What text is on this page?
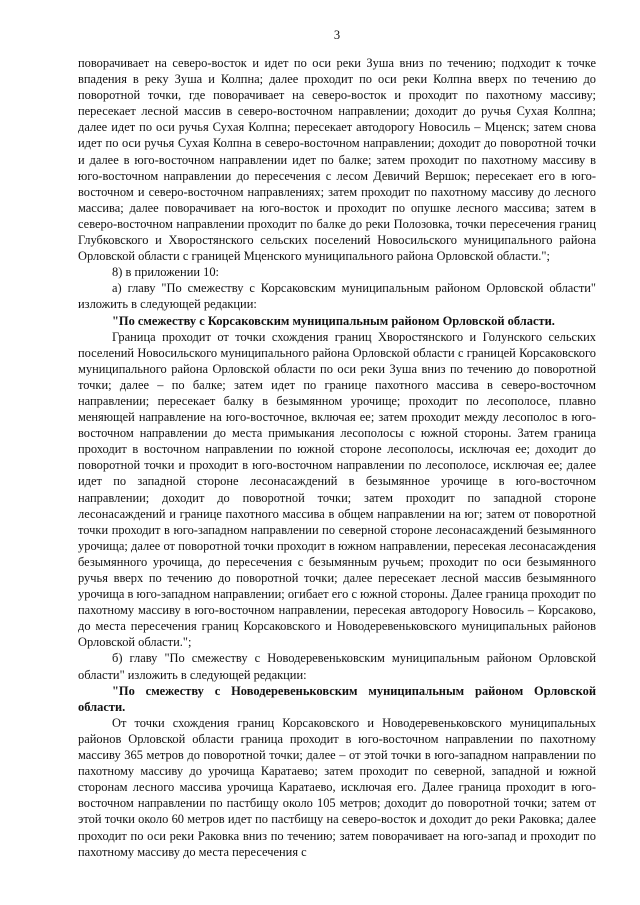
3

поворачивает на северо-восток и идет по оси реки Зуша вниз по течению; подходит к точке впадения в реку Зуша и Колпна; далее проходит по оси реки Колпна вверх по течению до поворотной точки, где поворачивает на северо-восток и проходит по пахотному массиву; пересекает лесной массив в северо-восточном направлении; доходит до ручья Сухая Колпна; далее идет по оси ручья Сухая Колпна; пересекает автодорогу Новосиль – Мценск; затем снова идет по оси ручья Сухая Колпна в северо-восточном направлении; доходит до поворотной точки и далее в юго-восточном направлении идет по балке; затем проходит по пахотному массиву в юго-восточном направлении до пересечения с лесом Девичий Вершок; пересекает его в юго-восточном и северо-восточном направлениях; затем проходит по пахотному массиву до лесного массива; далее поворачивает на юго-восток и проходит по опушке лесного массива; затем в северо-восточном направлении проходит по балке до реки Полозовка, точки пересечения границ Глубковского и Хворостянского сельских поселений Новосильского муниципального района Орловской области с границей Мценского муниципального района Орловской области.";

8) в приложении 10:

а) главу "По смежеству с Корсаковским муниципальным районом Орловской области" изложить в следующей редакции:

"По смежеству с Корсаковским муниципальным районом Орловской области.

Граница проходит от точки схождения границ Хворостянского и Голунского сельских поселений Новосильского муниципального района Орловской области с границей Корсаковского муниципального района Орловской области по оси реки Зуша вниз по течению до поворотной точки; далее – по балке; затем идет по границе пахотного массива в северо-восточном направлении; пересекает балку в безымянном урочище; проходит по лесополосе, плавно меняющей направление на юго-восточное, включая ее; затем проходит между лесополос в юго-восточном направлении до места примыкания лесополосы с южной стороны. Затем граница проходит в восточном направлении по южной стороне лесополосы, исключая ее; доходит до поворотной точки и проходит в юго-восточном направлении по лесополосе, исключая ее; далее идет по западной стороне лесонасаждений в безымянное урочище в юго-восточном направлении; доходит до поворотной точки; затем проходит по западной стороне лесонасаждений и границе пахотного массива в общем направлении на юг; затем от поворотной точки проходит в юго-западном направлении по северной стороне лесонасаждений безымянного урочища; далее от поворотной точки проходит в южном направлении, пересекая лесонасаждения безымянного урочища, до пересечения с безымянным ручьем; проходит по оси безымянного ручья вверх по течению до поворотной точки; далее пересекает лесной массив безымянного урочища в юго-западном направлении; огибает его с южной стороны. Далее граница проходит по пахотному массиву в юго-восточном направлении, пересекая автодорогу Новосиль – Корсаково, до места пересечения границ Корсаковского и Новодеревеньковского муниципальных районов Орловской области.";

б) главу "По смежеству с Новодеревеньковским муниципальным районом Орловской области" изложить в следующей редакции:

"По смежеству с Новодеревеньковским муниципальным районом Орловской области.

От точки схождения границ Корсаковского и Новодеревеньковского муниципальных районов Орловской области граница проходит в юго-восточном направлении по пахотному массиву 365 метров до поворотной точки; далее – от этой точки в юго-западном направлении по пахотному массиву до урочища Каратаево; затем проходит по северной, западной и южной сторонам лесного массива урочища Каратаево, исключая его. Далее граница проходит в юго-восточном направлении по пастбищу около 105 метров; доходит до поворотной точки; затем от этой точки около 60 метров идет по пастбищу на северо-восток и доходит до реки Раковка; далее проходит по оси реки Раковка вниз по течению; затем поворачивает на юго-запад и проходит по пахотному массиву до места пересечения с
